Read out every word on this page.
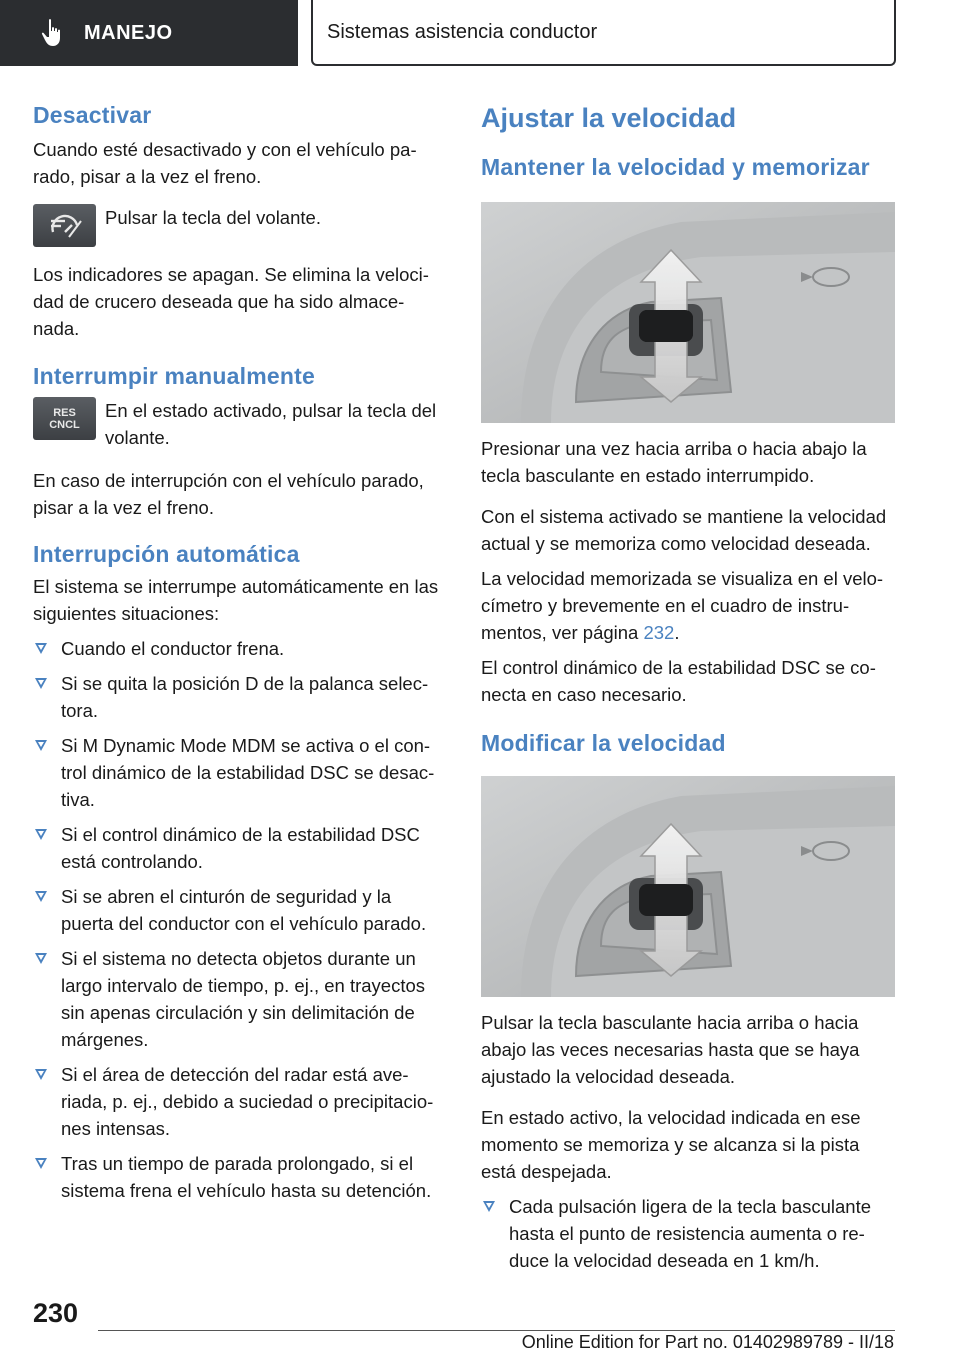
MANEJO	Sistemas asistencia conductor
Desactivar

Cuando esté desactivado y con el vehículo pa‐ rado, pisar a la vez el freno.

Pulsar la tecla del volante.

Los indicadores se apagan. Se elimina la veloci‐ dad de crucero deseada que ha sido almace‐ nada.

Interrumpir manualmente
RES
CNCL

En el estado activado, pulsar la tecla del volante.

En caso de interrupción con el vehículo parado, pisar a la vez el freno.

Interrupción automática

El sistema se interrumpe automáticamente en las siguientes situaciones:

Cuando el conductor frena.
Si se quita la posición D de la palanca selec‐ tora.
Si M Dynamic Mode MDM se activa o el con‐ trol dinámico de la estabilidad DSC se desac‐ tiva.
Si el control dinámico de la estabilidad DSC está controlando.
Si se abren el cinturón de seguridad y la puerta del conductor con el vehículo parado.
Si el sistema no detecta objetos durante un largo intervalo de tiempo, p. ej., en trayectos sin apenas circulación y sin delimitación de márgenes.
Si el área de detección del radar está ave‐ riada, p. ej., debido a suciedad o precipitacio‐ nes intensas.
Tras un tiempo de parada prolongado, si el sistema frena el vehículo hasta su detención.
Ajustar la velocidad
Mantener la velocidad y memorizar

Presionar una vez hacia arriba o hacia abajo la tecla basculante en estado interrumpido.

Con el sistema activado se mantiene la velocidad actual y se memoriza como velocidad deseada.

La velocidad memorizada se visualiza en el velo‐ címetro y brevemente en el cuadro de instru‐ mentos, ver página 232.

El control dinámico de la estabilidad DSC se co‐ necta en caso necesario.

Modificar la velocidad

Pulsar la tecla basculante hacia arriba o hacia abajo las veces necesarias hasta que se haya ajustado la velocidad deseada.

En estado activo, la velocidad indicada en ese momento se memoriza y se alcanza si la pista está despejada.

Cada pulsación ligera de la tecla basculante hasta el punto de resistencia aumenta o re‐ duce la velocidad deseada en 1 km/h.
230
Online Edition for Part no. 01402989789 - II/18
